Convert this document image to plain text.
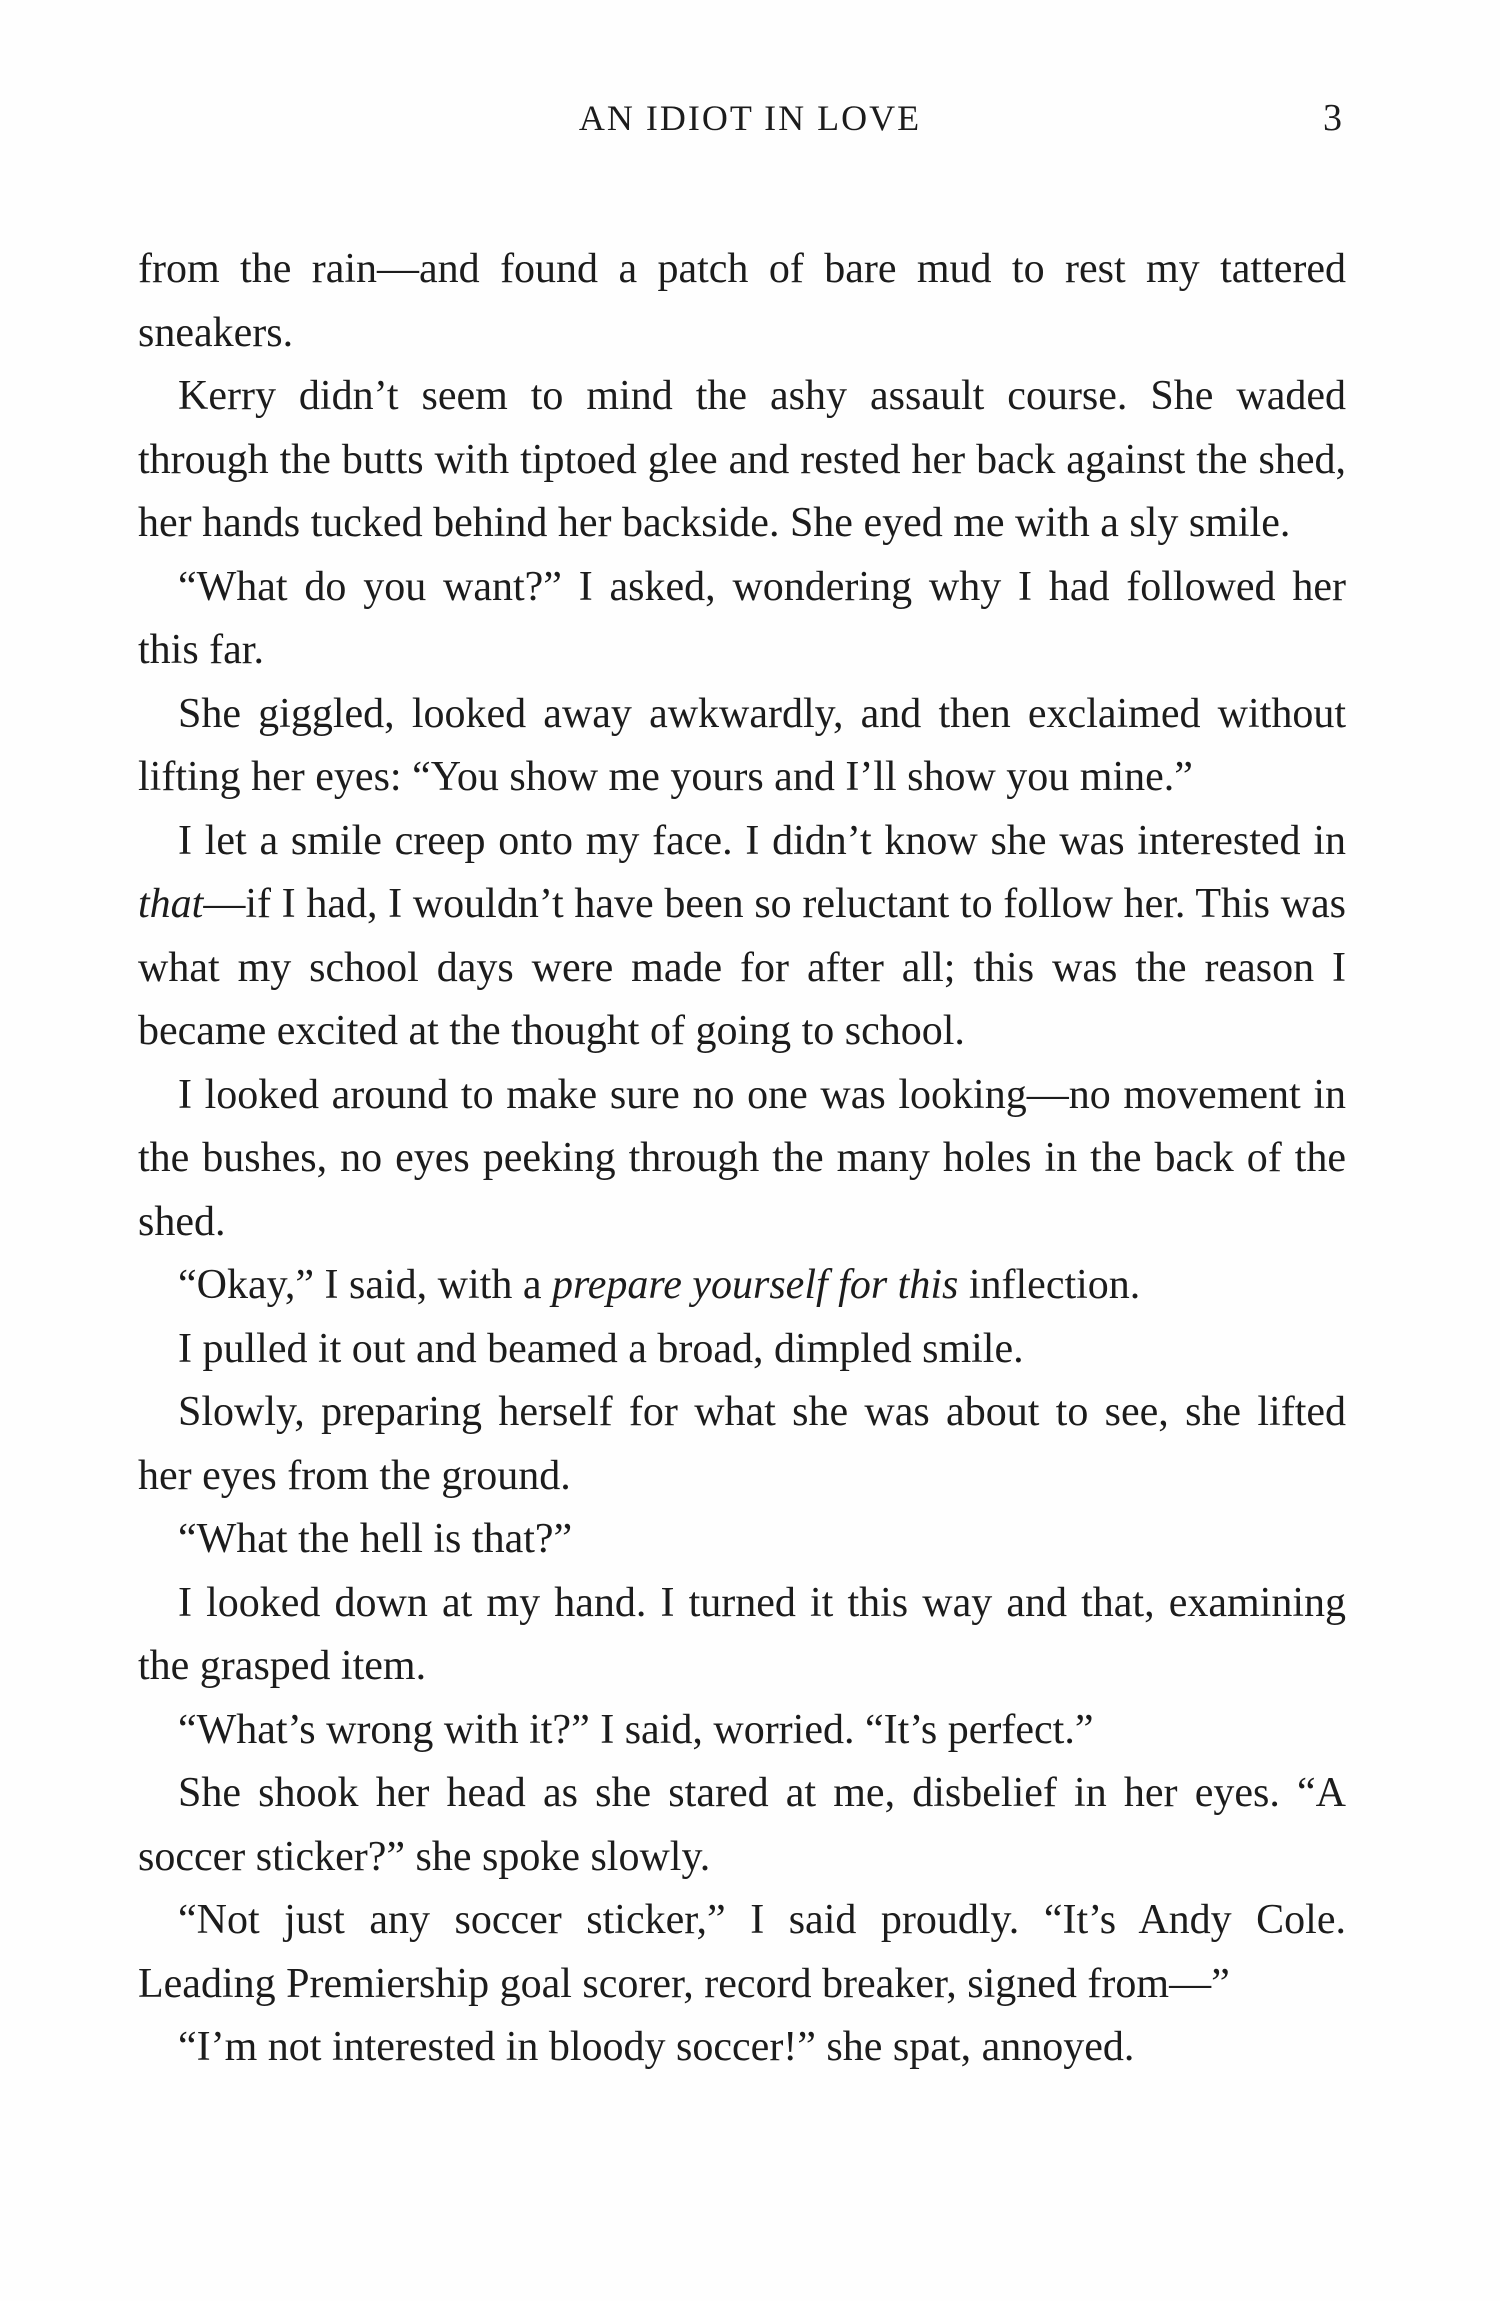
AN IDIOT IN LOVE	3

from the rain—and found a patch of bare mud to rest my tattered sneakers.

Kerry didn’t seem to mind the ashy assault course. She waded through the butts with tiptoed glee and rested her back against the shed, her hands tucked behind her backside. She eyed me with a sly smile.

“What do you want?” I asked, wondering why I had followed her this far.

She giggled, looked away awkwardly, and then exclaimed without lifting her eyes: “You show me yours and I’ll show you mine.”

I let a smile creep onto my face. I didn’t know she was interested in that—if I had, I wouldn’t have been so reluctant to follow her. This was what my school days were made for after all; this was the reason I became excited at the thought of going to school.

I looked around to make sure no one was looking—no movement in the bushes, no eyes peeking through the many holes in the back of the shed.

“Okay,” I said, with a prepare yourself for this inflection.

I pulled it out and beamed a broad, dimpled smile.

Slowly, preparing herself for what she was about to see, she lifted her eyes from the ground.

“What the hell is that?”

I looked down at my hand. I turned it this way and that, examining the grasped item.

“What’s wrong with it?” I said, worried. “It’s perfect.”

She shook her head as she stared at me, disbelief in her eyes. “A soccer sticker?” she spoke slowly.

“Not just any soccer sticker,” I said proudly. “It’s Andy Cole. Leading Premiership goal scorer, record breaker, signed from—”

“I’m not interested in bloody soccer!” she spat, annoyed.
